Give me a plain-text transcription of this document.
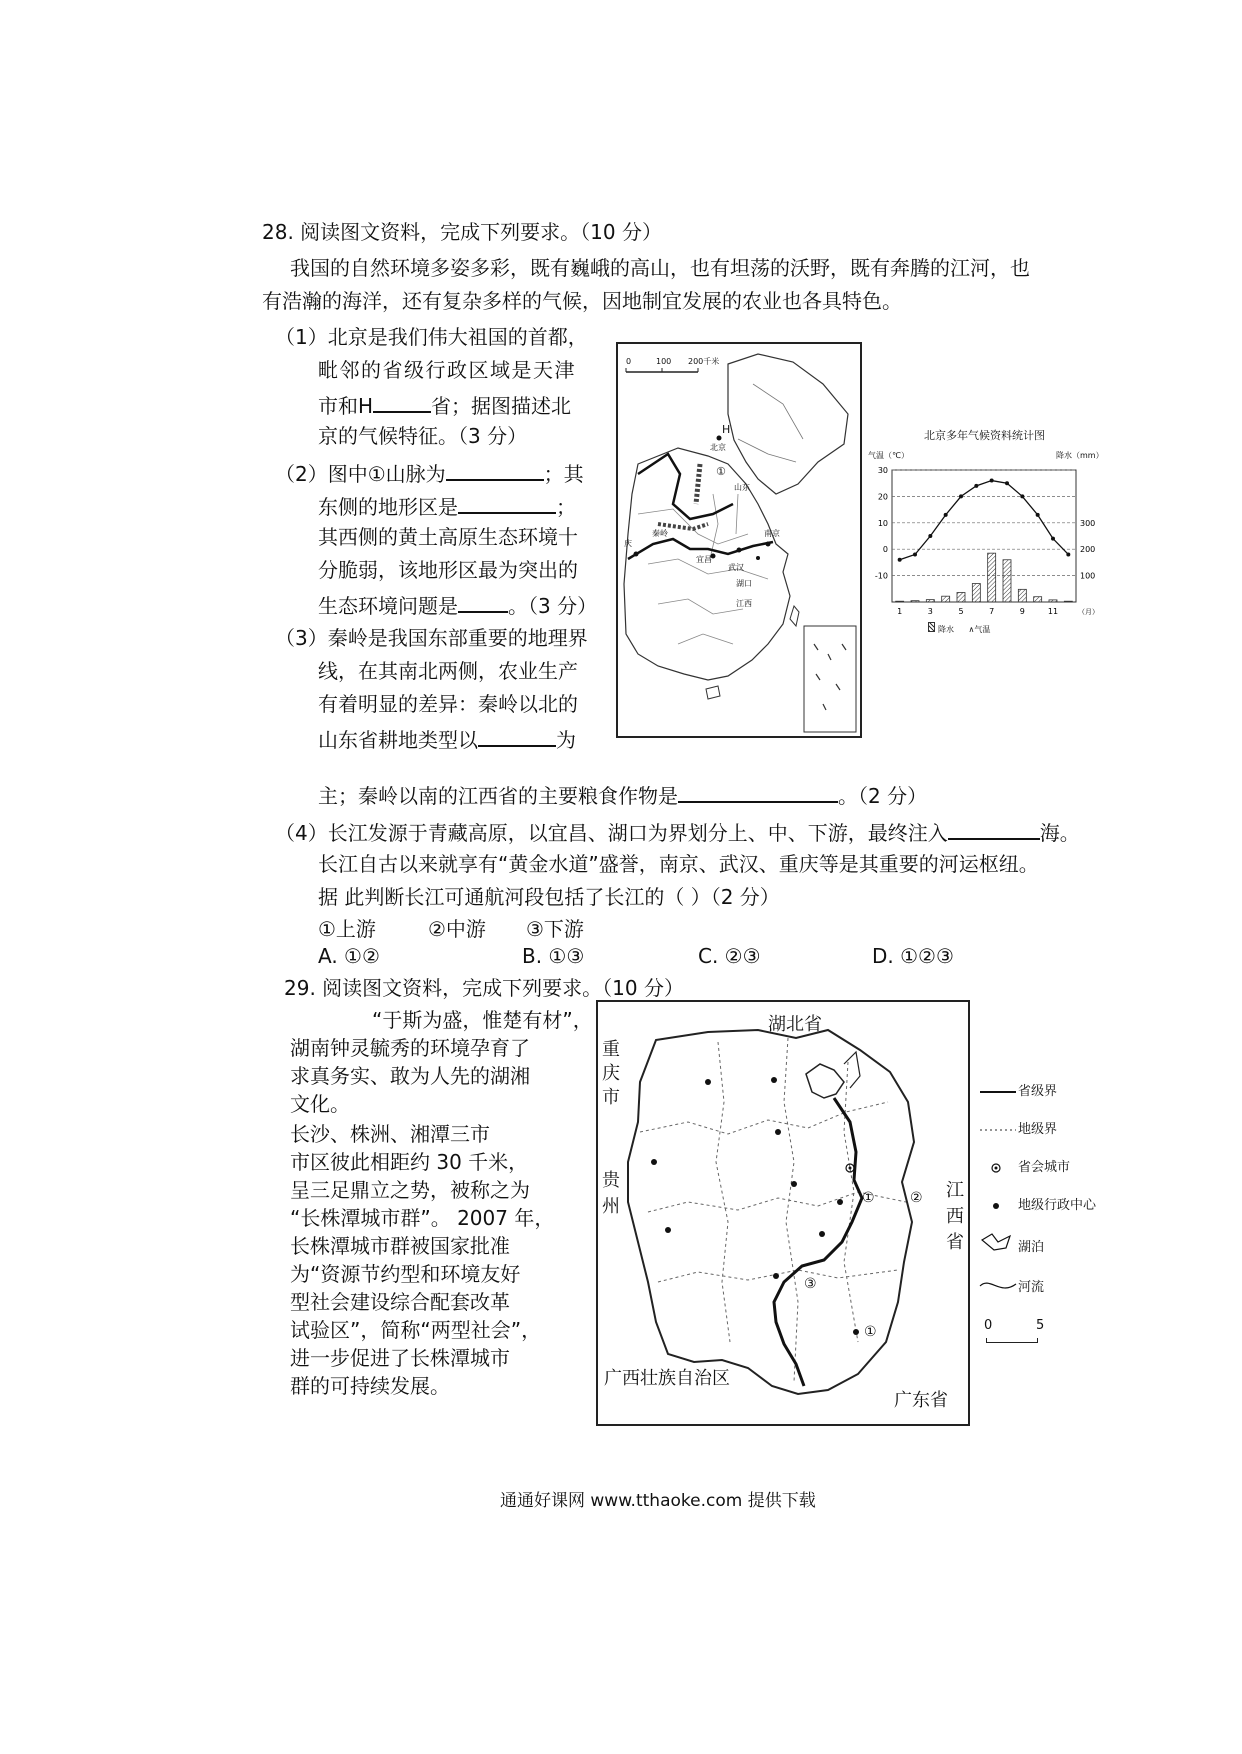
28. 阅读图文资料，完成下列要求。（10 分）
我国的自然环境多姿多彩，既有巍峨的高山，也有坦荡的沃野，既有奔腾的江河，也
有浩瀚的海洋，还有复杂多样的气候，因地制宜发展的农业也各具特色。
（1）北京是我们伟大祖国的首都，
毗邻的省级行政区域是天津
市和H	省；据图描述北
京的气候特征。（3 分）
（2）图中①山脉为	；其
东侧的地形区是	；
其西侧的黄土高原生态环境十
分脆弱，该地形区最为突出的
生态环境问题是	。（3 分）
（3）秦岭是我国东部重要的地理界
线，在其南北两侧，农业生产
有着明显的差异：秦岭以北的
山东省耕地类型以	为
主；秦岭以南的江西省的主要粮食作物是	。（2 分）
（4）长江发源于青藏高原，以宜昌、湖口为界划分上、中、下游，最终注入	海。
长江自古以来就享有“黄金水道”盛誉，南京、武汉、重庆等是其重要的河运枢纽。
据 此判断长江可通航河段包括了长江的（ ）（2 分）
①上游	②中游 ③下游
A. ①②	B. ①③	C. ②③	D. ①②③
0	100 200千米
H
北京
①
秦岭
山东
宜昌
武汉
南京
庆
湖口
江西
北京多年气候资料统计图
气温（℃）	降水（mm）
30
20
10
0
-10
300
200
100
1	3	5	7	9	11	（月）
降水 ∧气温
29. 阅读图文资料，完成下列要求。（10 分）
“于斯为盛，惟楚有材”，
湖南钟灵毓秀的环境孕育了
求真务实、敢为人先的湖湘
文化。
长沙、株洲、湘潭三市
市区彼此相距约 30 千米，
呈三足鼎立之势，被称之为
“长株潭城市群”。 2007 年，
长株潭城市群被国家批准
为“资源节约型和环境友好
型社会建设综合配套改革
试验区”，简称“两型社会”，
进一步促进了长株潭城市
群的可持续发展。
湖北省
重庆市
贵州
江西省
广西壮族自治区
广东省
①	②
③
①
省级界
地级界
省会城市
地级行政中心
湖泊
河流
0	5
通通好课网 www.tthaoke.com 提供下载
